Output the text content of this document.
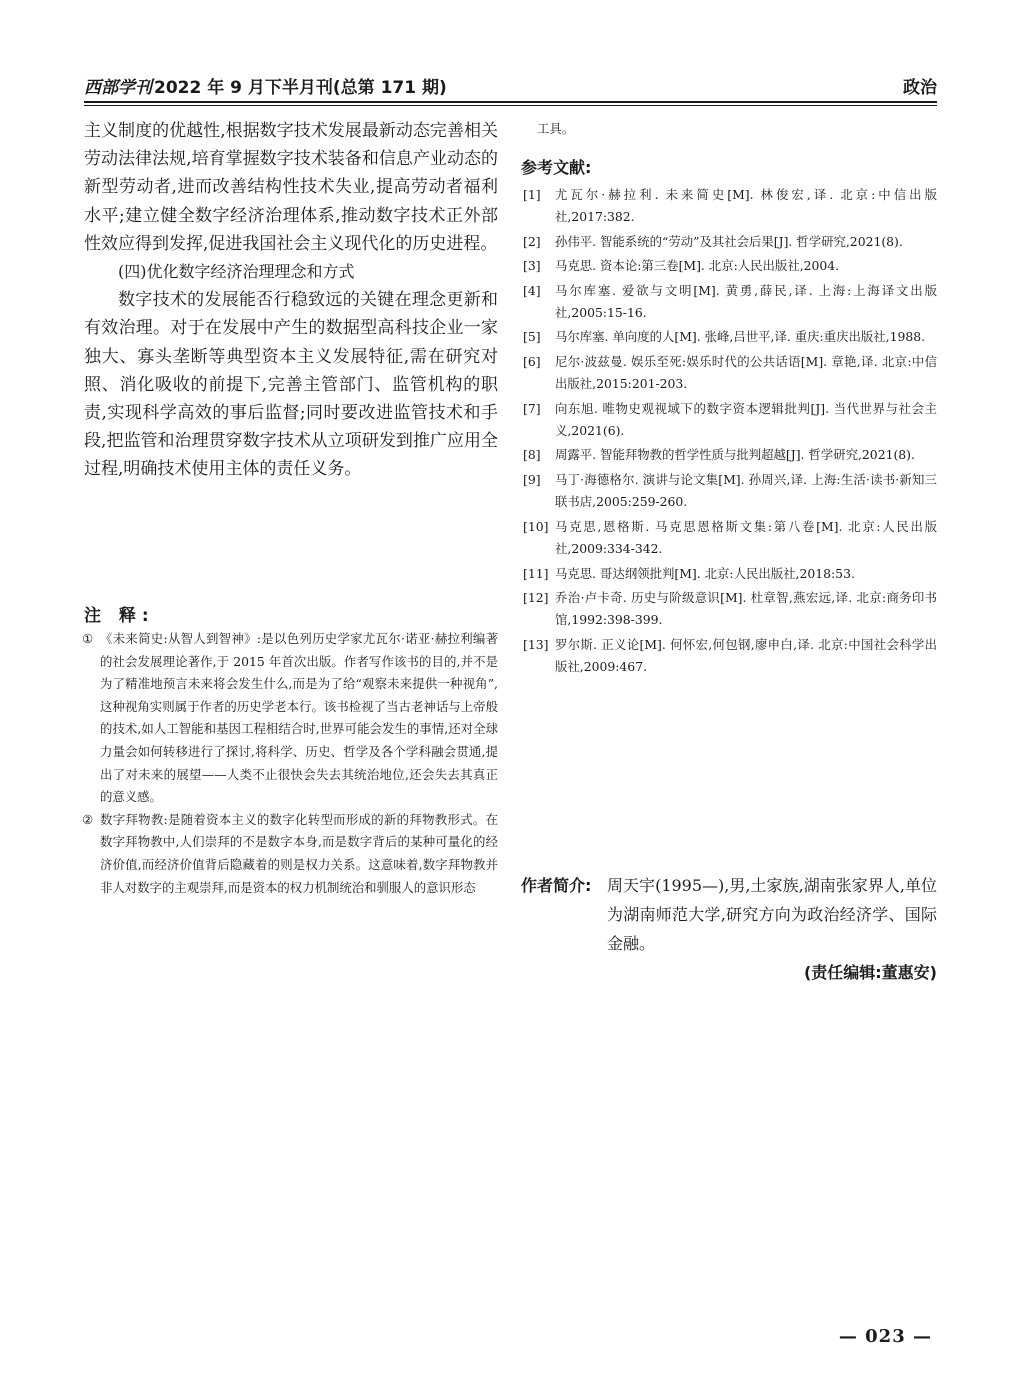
西部学刊 2022 年 9 月下半月刊(总第 171 期)	政治

主义制度的优越性,根据数字技术发展最新动态完善相关劳动法律法规,培育掌握数字技术装备和信息产业动态的新型劳动者,进而改善结构性技术失业,提高劳动者福利水平;建立健全数字经济治理体系,推动数字技术正外部性效应得到发挥,促进我国社会主义现代化的历史进程。

(四)优化数字经济治理理念和方式

数字技术的发展能否行稳致远的关键在理念更新和有效治理。对于在发展中产生的数据型高科技企业一家独大、寡头垄断等典型资本主义发展特征,需在研究对照、消化吸收的前提下,完善主管部门、监管机构的职责,实现科学高效的事后监督;同时要改进监管技术和手段,把监管和治理贯穿数字技术从立项研发到推广应用全过程,明确技术使用主体的责任义务。

注 释:

① 《未来简史:从智人到智神》:是以色列历史学家尤瓦尔·诺亚·赫拉利编著的社会发展理论著作,于 2015 年首次出版。作者写作该书的目的,并不是为了精准地预言未来将会发生什么,而是为了给“观察未来提供一种视角”,这种视角实则属于作者的历史学老本行。该书检视了当古老神话与上帝般的技术,如人工智能和基因工程相结合时,世界可能会发生的事情,还对全球力量会如何转移进行了探讨,将科学、历史、哲学及各个学科融会贯通,提出了对未来的展望——人类不止很快会失去其统治地位,还会失去其真正的意义感。

② 数字拜物教:是随着资本主义的数字化转型而形成的新的拜物教形式。在数字拜物教中,人们崇拜的不是数字本身,而是数字背后的某种可量化的经济价值,而经济价值背后隐藏着的则是权力关系。这意味着,数字拜物教并非人对数字的主观崇拜,而是资本的权力机制统治和驯服人的意识形态

工具。

参考文献:
[1] 尤瓦尔·赫拉利. 未来简史[M]. 林俊宏,译. 北京:中信出版社,2017:382.
[2] 孙伟平. 智能系统的“劳动”及其社会后果[J]. 哲学研究,2021(8).
[3] 马克思. 资本论:第三卷[M]. 北京:人民出版社,2004.
[4] 马尔库塞. 爱欲与文明[M]. 黄勇,薛民,译. 上海:上海译文出版社,2005:15-16.
[5] 马尔库塞. 单向度的人[M]. 张峰,吕世平,译. 重庆:重庆出版社,1988.
[6] 尼尔·波兹曼. 娱乐至死:娱乐时代的公共话语[M]. 章艳,译. 北京:中信出版社,2015:201-203.
[7] 向东旭. 唯物史观视域下的数字资本逻辑批判[J]. 当代世界与社会主义,2021(6).
[8] 周露平. 智能拜物教的哲学性质与批判超越[J]. 哲学研究,2021(8).
[9] 马丁·海德格尔. 演讲与论文集[M]. 孙周兴,译. 上海:生活·读书·新知三联书店,2005:259-260.
[10] 马克思,恩格斯. 马克思恩格斯文集:第八卷[M]. 北京:人民出版社,2009:334-342.
[11] 马克思. 哥达纲领批判[M]. 北京:人民出版社,2018:53.
[12] 乔治·卢卡奇. 历史与阶级意识[M]. 杜章智,燕宏远,译. 北京:商务印书馆,1992:398-399.
[13] 罗尔斯. 正义论[M]. 何怀宏,何包钢,廖申白,译. 北京:中国社会科学出版社,2009:467.
作者简介: 周天宇(1995—),男,土家族,湖南张家界人,单位为湖南师范大学,研究方向为政治经济学、国际金融。
(责任编辑:董惠安)
— 023 —
